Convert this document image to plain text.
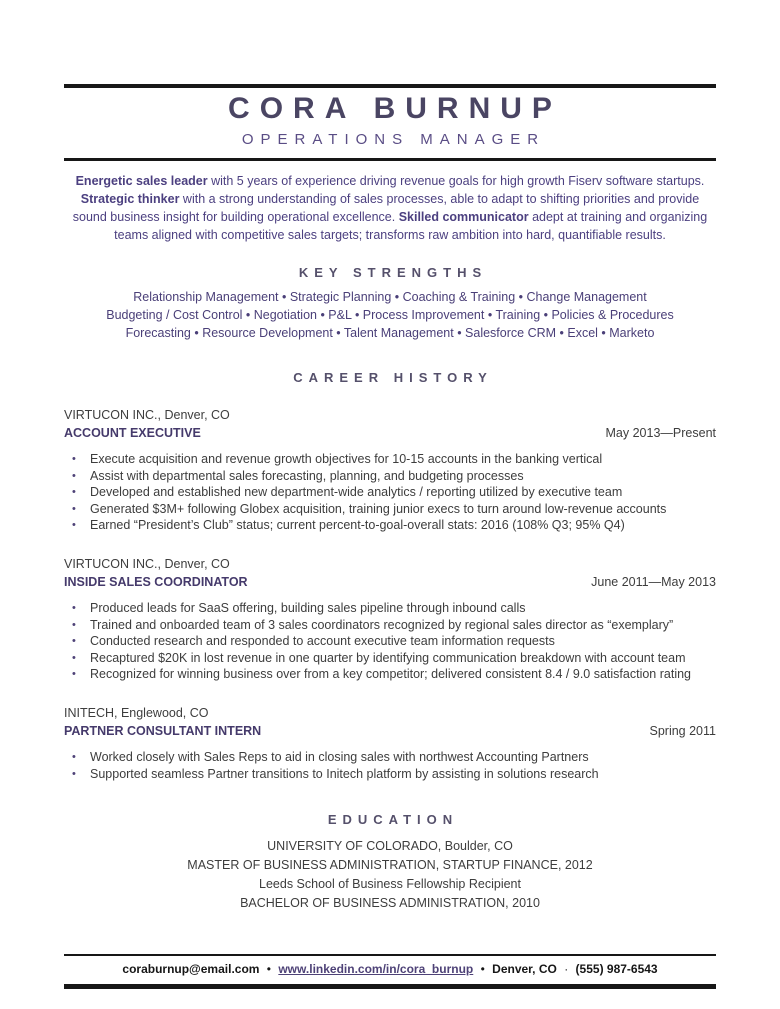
CORA BURNUP
OPERATIONS MANAGER

Energetic sales leader with 5 years of experience driving revenue goals for high growth Fiserv software startups. Strategic thinker with a strong understanding of sales processes, able to adapt to shifting priorities and provide sound business insight for building operational excellence. Skilled communicator adept at training and organizing teams aligned with competitive sales targets; transforms raw ambition into hard, quantifiable results.

KEY STRENGTHS
Relationship Management • Strategic Planning • Coaching & Training • Change Management
Budgeting / Cost Control • Negotiation • P&L • Process Improvement • Training • Policies & Procedures
Forecasting • Resource Development • Talent Management • Salesforce CRM • Excel • Marketo
CAREER HISTORY
VIRTUCON INC., Denver, CO
ACCOUNT EXECUTIVE	May 2013—Present
• Execute acquisition and revenue growth objectives for 10-15 accounts in the banking vertical
• Assist with departmental sales forecasting, planning, and budgeting processes
• Developed and established new department-wide analytics / reporting utilized by executive team
• Generated $3M+ following Globex acquisition, training junior execs to turn around low-revenue accounts
• Earned “President’s Club” status; current percent-to-goal-overall stats: 2016 (108% Q3; 95% Q4)
VIRTUCON INC., Denver, CO
INSIDE SALES COORDINATOR	June 2011—May 2013
• Produced leads for SaaS offering, building sales pipeline through inbound calls
• Trained and onboarded team of 3 sales coordinators recognized by regional sales director as “exemplary”
• Conducted research and responded to account executive team information requests
• Recaptured $20K in lost revenue in one quarter by identifying communication breakdown with account team
• Recognized for winning business over from a key competitor; delivered consistent 8.4 / 9.0 satisfaction rating
INITECH, Englewood, CO
PARTNER CONSULTANT INTERN	Spring 2011
• Worked closely with Sales Reps to aid in closing sales with northwest Accounting Partners
• Supported seamless Partner transitions to Initech platform by assisting in solutions research
EDUCATION
UNIVERSITY OF COLORADO, Boulder, CO
MASTER OF BUSINESS ADMINISTRATION, STARTUP FINANCE, 2012
Leeds School of Business Fellowship Recipient
BACHELOR OF BUSINESS ADMINISTRATION, 2010
coraburnup@email.com • www.linkedin.com/in/cora_burnup • Denver, CO · (555) 987-6543
